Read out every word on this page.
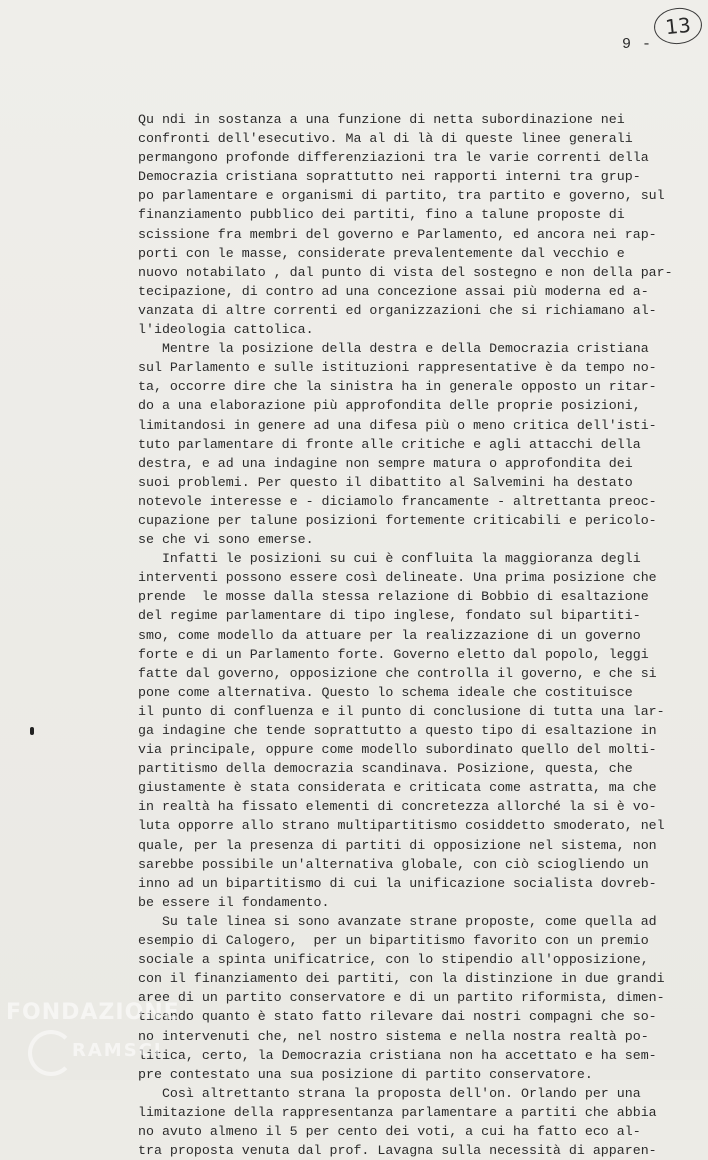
13
9 -
Qu ndi in sostanza a una funzione di netta subordinazione nei
confronti dell'esecutivo. Ma al di là di queste linee generali
permangono profonde differenziazioni tra le varie correnti della
Democrazia cristiana soprattutto nei rapporti interni tra grup-
po parlamentare e organismi di partito, tra partito e governo, sul
finanziamento pubblico dei partiti, fino a talune proposte di
scissione fra membri del governo e Parlamento, ed ancora nei rap-
porti con le masse, considerate prevalentemente dal vecchio e
nuovo notabilato , dal punto di vista del sostegno e non della par-
tecipazione, di contro ad una concezione assai più moderna ed a-
vanzata di altre correnti ed organizzazioni che si richiamano al-
l'ideologia cattolica.
Mentre la posizione della destra e della Democrazia cristiana
sul Parlamento e sulle istituzioni rappresentative è da tempo no-
ta, occorre dire che la sinistra ha in generale opposto un ritar-
do a una elaborazione più approfondita delle proprie posizioni,
limitandosi in genere ad una difesa più o meno critica dell'isti-
tuto parlamentare di fronte alle critiche e agli attacchi della
destra, e ad una indagine non sempre matura o approfondita dei
suoi problemi. Per questo il dibattito al Salvemini ha destato
notevole interesse e - diciamolo francamente - altrettanta preoc-
cupazione per talune posizioni fortemente criticabili e pericolo-
se che vi sono emerse.
Infatti le posizioni su cui è confluita la maggioranza degli
interventi possono essere così delineate. Una prima posizione che
prende  le mosse dalla stessa relazione di Bobbio di esaltazione
del regime parlamentare di tipo inglese, fondato sul bipartiti-
smo, come modello da attuare per la realizzazione di un governo
forte e di un Parlamento forte. Governo eletto dal popolo, leggi
fatte dal governo, opposizione che controlla il governo, e che si
pone come alternativa. Questo lo schema ideale che costituisce
il punto di confluenza e il punto di conclusione di tutta una lar-
ga indagine che tende soprattutto a questo tipo di esaltazione in
via principale, oppure come modello subordinato quello del molti-
partitismo della democrazia scandinava. Posizione, questa, che
giustamente è stata considerata e criticata come astratta, ma che
in realtà ha fissato elementi di concretezza allorché la si è vo-
luta opporre allo strano multipartitismo cosiddetto smoderato, nel
quale, per la presenza di partiti di opposizione nel sistema, non
sarebbe possibile un'alternativa globale, con ciò sciogliendo un
inno ad un bipartitismo di cui la unificazione socialista dovreb-
be essere il fondamento.
Su tale linea si sono avanzate strane proposte, come quella ad
esempio di Calogero,  per un bipartitismo favorito con un premio
sociale a spinta unificatrice, con lo stipendio all'opposizione,
con il finanziamento dei partiti, con la distinzione in due grandi
aree di un partito conservatore e di un partito riformista, dimen-
ticando quanto è stato fatto rilevare dai nostri compagni che so-
no intervenuti che, nel nostro sistema e nella nostra realtà po-
litica, certo, la Democrazia cristiana non ha accettato e ha sem-
pre contestato una sua posizione di partito conservatore.
Così altrettanto strana la proposta dell'on. Orlando per una
limitazione della rappresentanza parlamentare a partiti che abbia
no avuto almeno il 5 per cento dei voti, a cui ha fatto eco al-
tra proposta venuta dal prof. Lavagna sulla necessità di apparen-
FONDAZIONE
RAMSCI
